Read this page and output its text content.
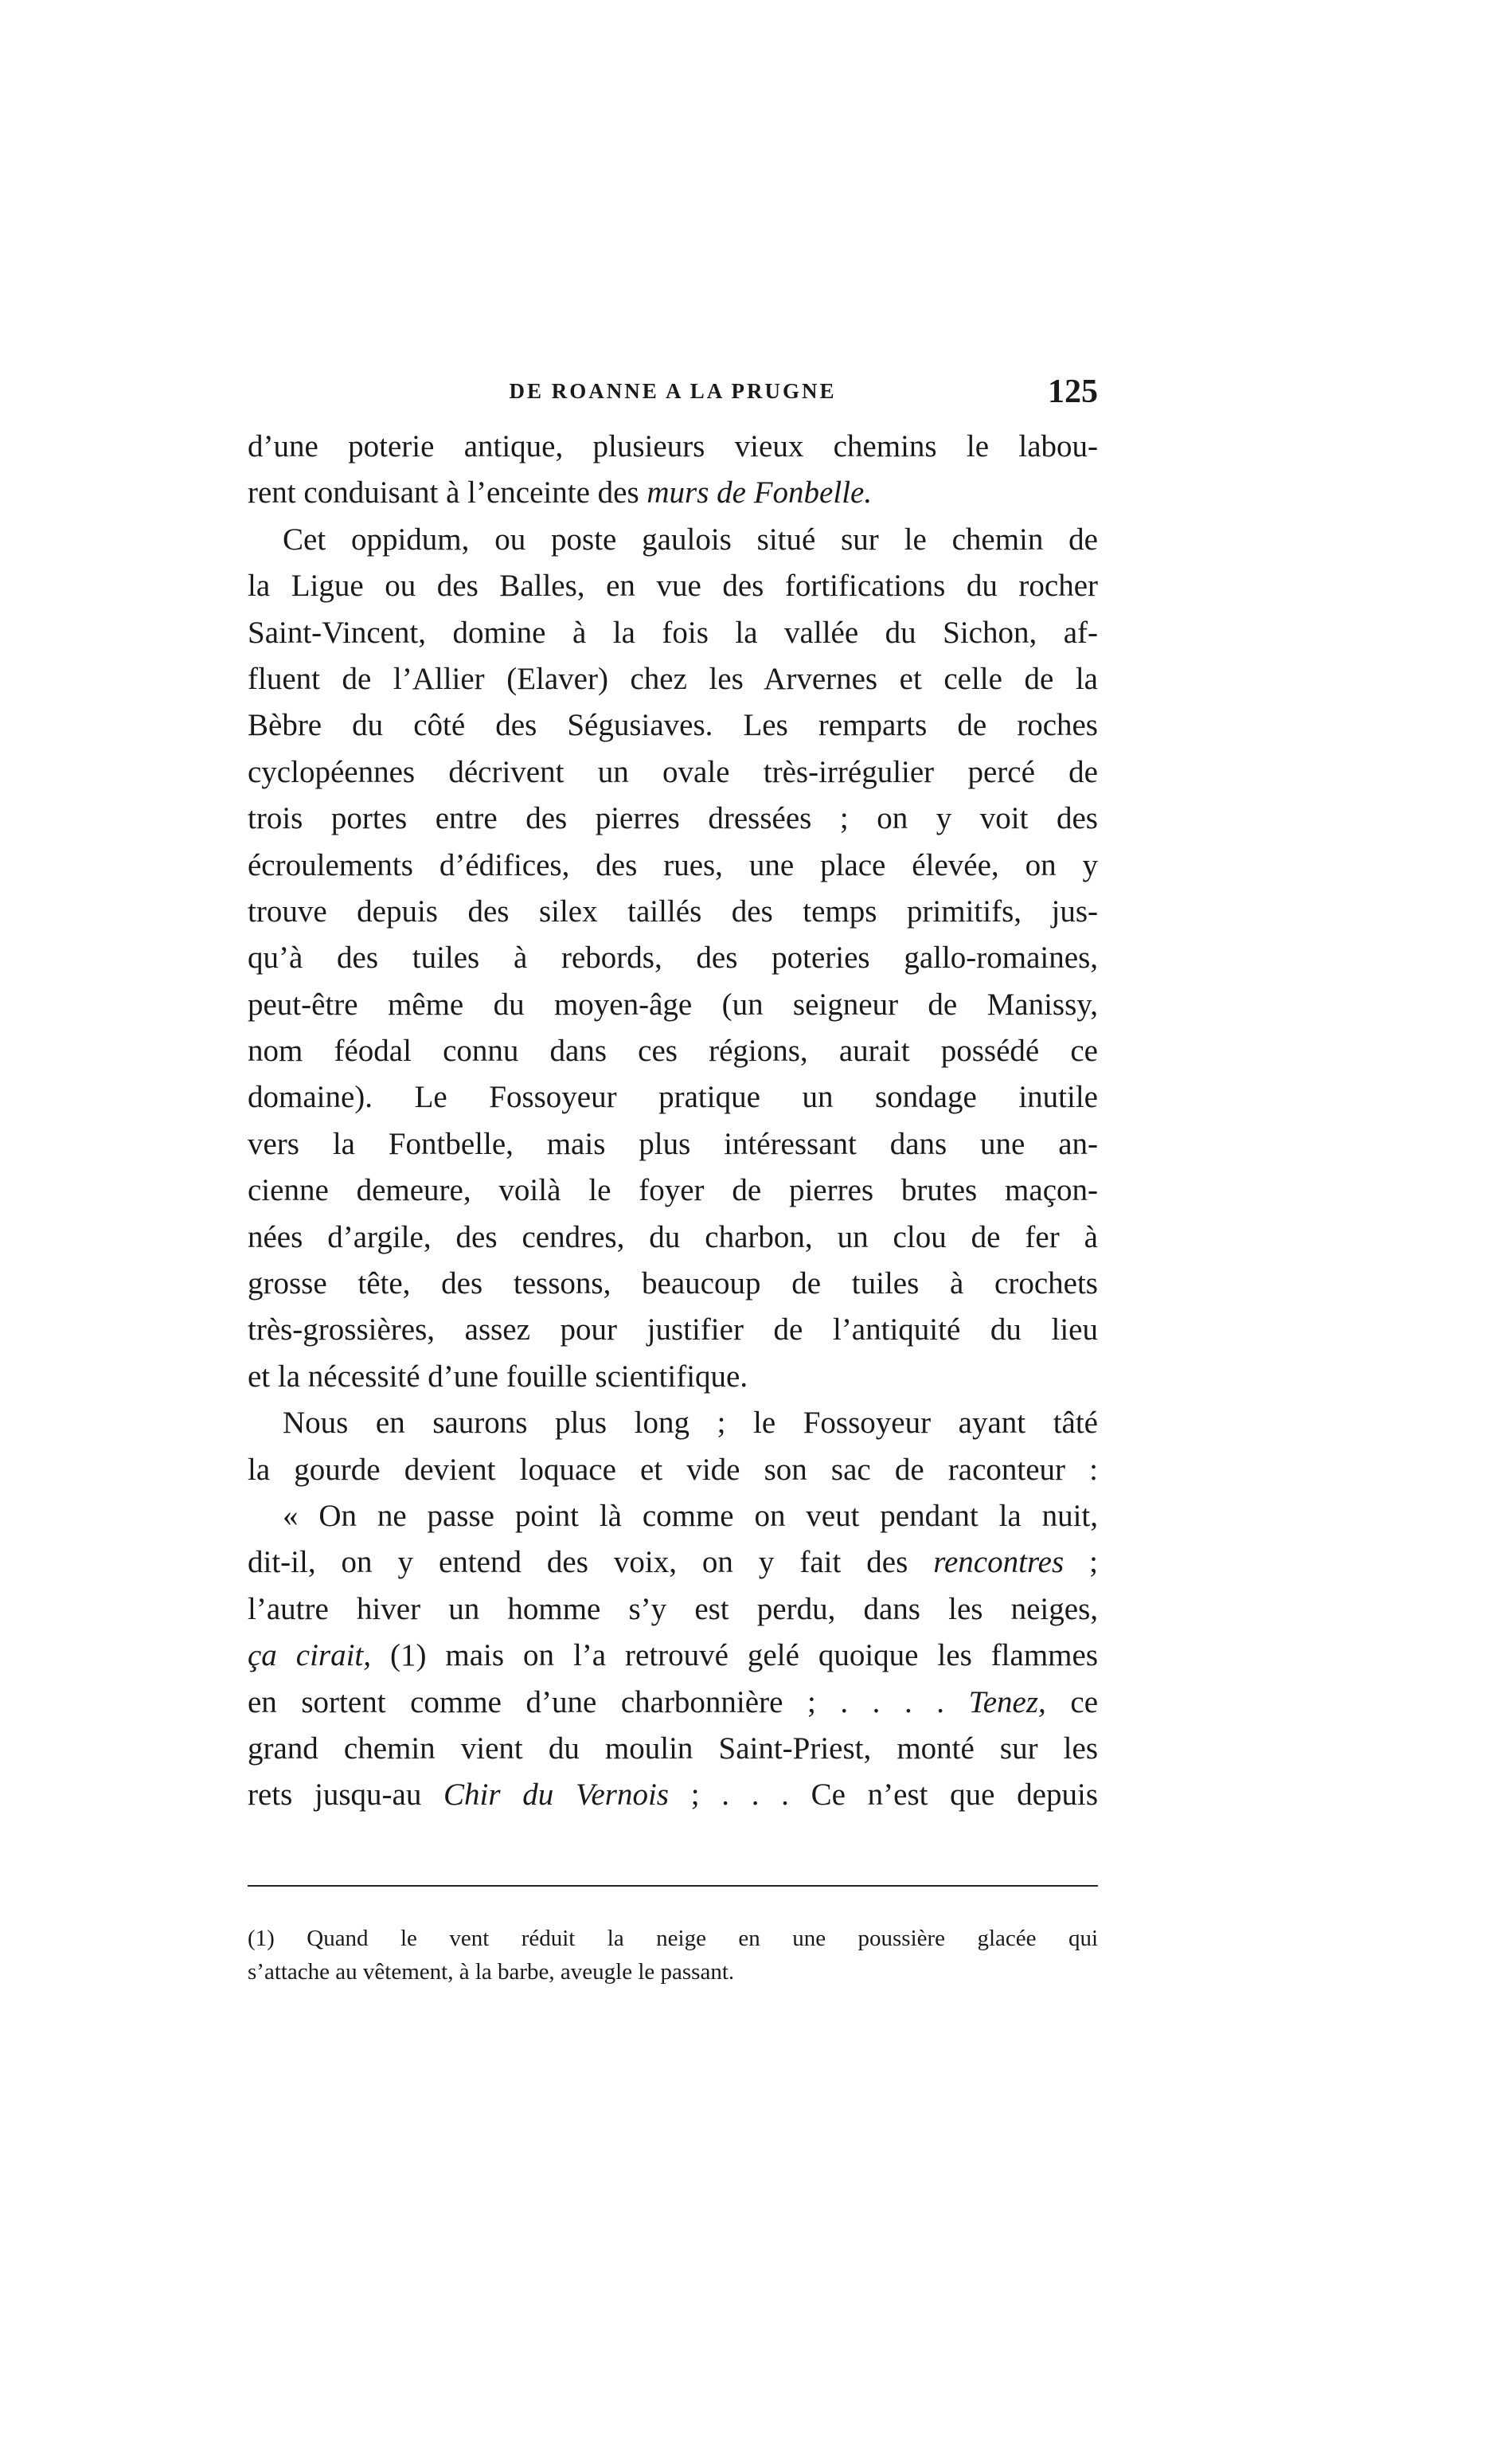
DE ROANNE A LA PRUGNE	125
d’une poterie antique, plusieurs vieux chemins le labou-
rent conduisant à l’enceinte des murs de Fonbelle.
Cet oppidum, ou poste gaulois situé sur le chemin de
la Ligue ou des Balles, en vue des fortifications du rocher
Saint-Vincent, domine à la fois la vallée du Sichon, af-
fluent de l’Allier (Elaver) chez les Arvernes et celle de la
Bèbre du côté des Ségusiaves. Les remparts de roches
cyclopéennes décrivent un ovale très-irrégulier percé de
trois portes entre des pierres dressées ; on y voit des
écroulements d’édifices, des rues, une place élevée, on y
trouve depuis des silex taillés des temps primitifs, jus-
qu’à des tuiles à rebords, des poteries gallo-romaines,
peut-être même du moyen-âge (un seigneur de Manissy,
nom féodal connu dans ces régions, aurait possédé ce
domaine). Le Fossoyeur pratique un sondage inutile
vers la Fontbelle, mais plus intéressant dans une an-
cienne demeure, voilà le foyer de pierres brutes maçon-
nées d’argile, des cendres, du charbon, un clou de fer à
grosse tête, des tessons, beaucoup de tuiles à crochets
très-grossières, assez pour justifier de l’antiquité du lieu
et la nécessité d’une fouille scientifique.
Nous en saurons plus long ; le Fossoyeur ayant tâté
la gourde devient loquace et vide son sac de raconteur :
« On ne passe point là comme on veut pendant la nuit,
dit-il, on y entend des voix, on y fait des rencontres ;
l’autre hiver un homme s’y est perdu, dans les neiges,
ça cirait, (1) mais on l’a retrouvé gelé quoique les flammes
en sortent comme d’une charbonnière ; . . . . Tenez, ce
grand chemin vient du moulin Saint-Priest, monté sur les
rets jusqu-au Chir du Vernois ; . . . Ce n’est que depuis
(1) Quand le vent réduit la neige en une poussière glacée qui
s’attache au vêtement, à la barbe, aveugle le passant.
